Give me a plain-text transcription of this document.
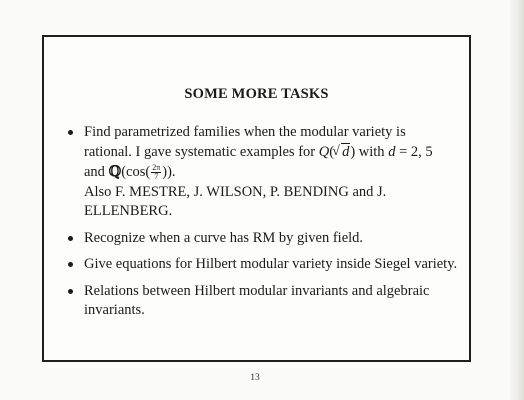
SOME MORE TASKS
Find parametrized families when the modular variety is
rational. I gave systematic examples for Q(√ d) with d = 2, 5
and ℚ(cos( $\frac{2\pi}{7}$ )).
Also F. MESTRE, J. WILSON, P. BENDING and J.
ELLENBERG.
Recognize when a curve has RM by given field.
Give equations for Hilbert modular variety inside Siegel variety.
Relations between Hilbert modular invariants and algebraic
invariants.
13
